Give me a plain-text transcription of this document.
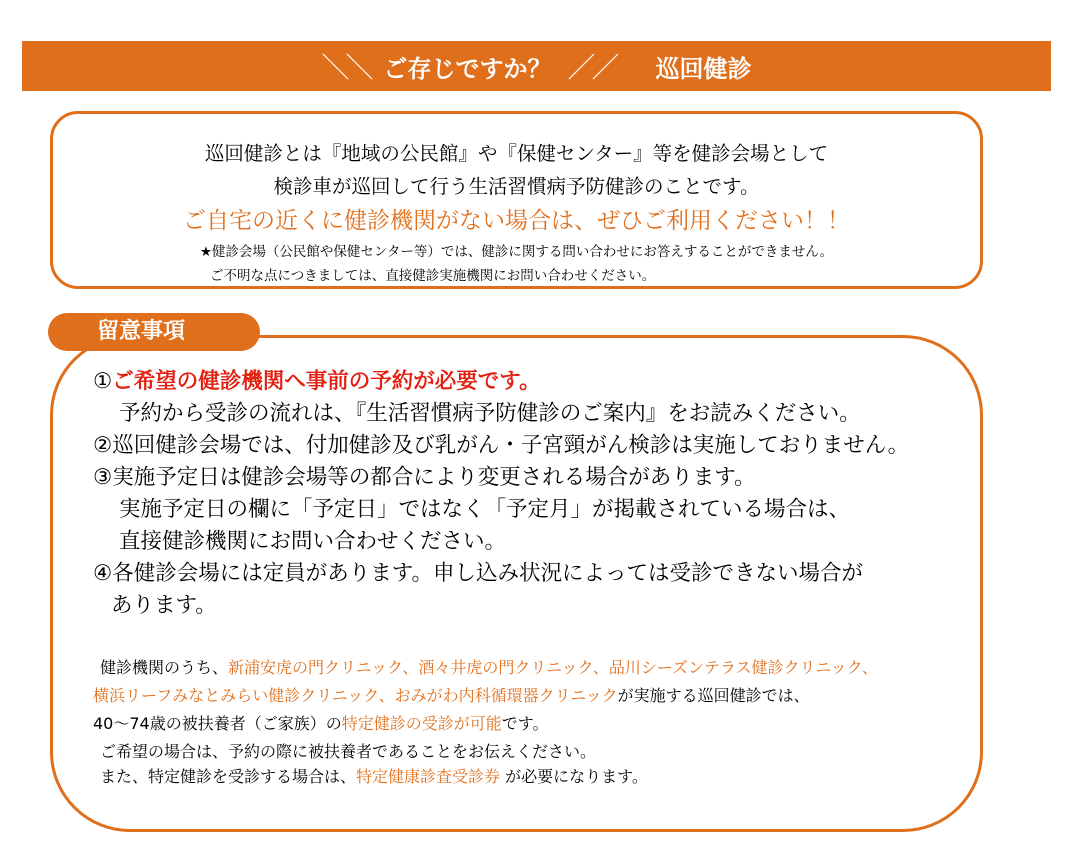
＼＼ ご存じですか？ ／／ 巡回健診
巡回健診とは『地域の公民館』や『保健センター』等を健診会場として
検診車が巡回して行う生活習慣病予防健診のことです。
ご自宅の近くに健診機関がない場合は、ぜひご利用ください！！
★健診会場（公民館や保健センター等）では、健診に関する問い合わせにお答えすることができません。
ご不明な点につきましては、直接健診実施機関にお問い合わせください。
留意事項
①ご希望の健診機関へ事前の予約が必要です。
予約から受診の流れは、『生活習慣病予防健診のご案内』をお読みください。
②巡回健診会場では、付加健診及び乳がん・子宮頸がん検診は実施しておりません。
③実施予定日は健診会場等の都合により変更される場合があります。
実施予定日の欄に「予定日」ではなく「予定月」が掲載されている場合は、
直接健診機関にお問い合わせください。
④各健診会場には定員があります。申し込み状況によっては受診できない場合が
あります。
健診機関のうち、新浦安虎の門クリニック、酒々井虎の門クリニック、品川シーズンテラス健診クリニック、
横浜リーフみなとみらい健診クリニック、おみがわ内科循環器クリニックが実施する巡回健診では、
40～74歳の被扶養者（ご家族）の特定健診の受診が可能です。
ご希望の場合は、予約の際に被扶養者であることをお伝えください。
また、特定健診を受診する場合は、特定健康診査受診券 が必要になります。
